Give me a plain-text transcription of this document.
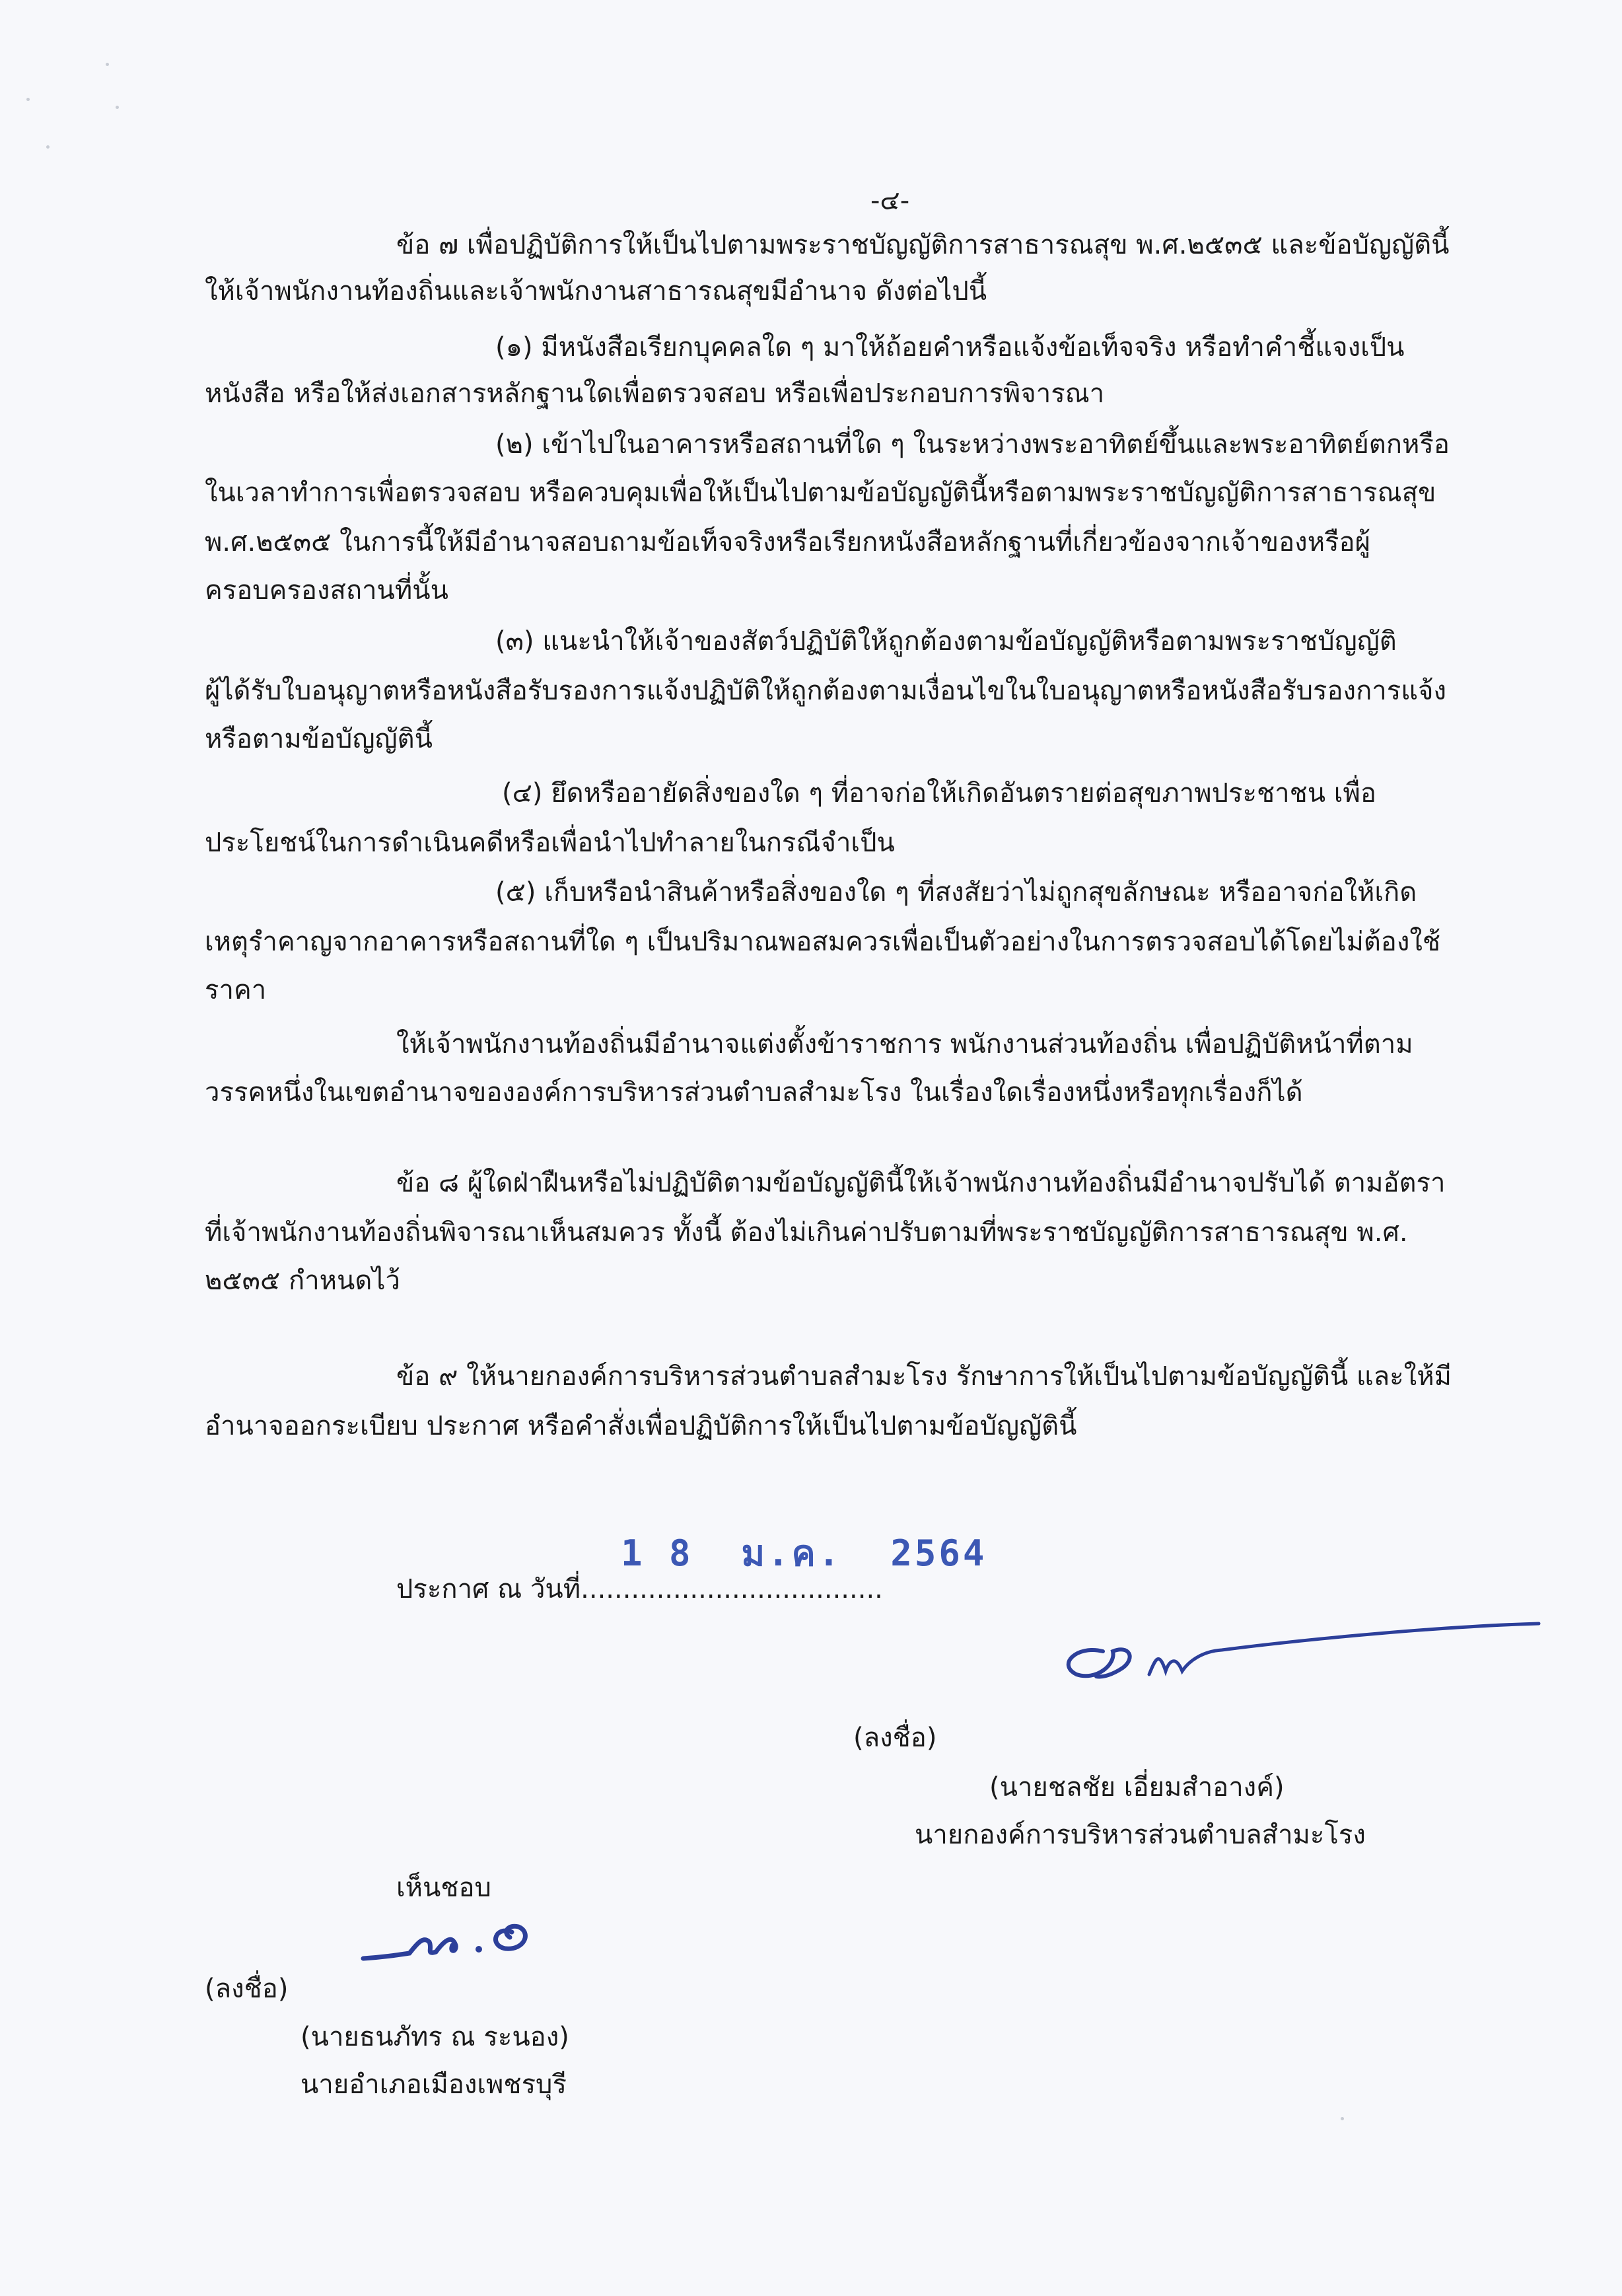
-๔-
ข้อ ๗ เพื่อปฏิบัติการให้เป็นไปตามพระราชบัญญัติการสาธารณสุข พ.ศ.๒๕๓๕ และข้อบัญญัตินี้
ให้เจ้าพนักงานท้องถิ่นและเจ้าพนักงานสาธารณสุขมีอำนาจ ดังต่อไปนี้
(๑) มีหนังสือเรียกบุคคลใด ๆ มาให้ถ้อยคำหรือแจ้งข้อเท็จจริง หรือทำคำชี้แจงเป็น
หนังสือ หรือให้ส่งเอกสารหลักฐานใดเพื่อตรวจสอบ หรือเพื่อประกอบการพิจารณา
(๒) เข้าไปในอาคารหรือสถานที่ใด ๆ ในระหว่างพระอาทิตย์ขึ้นและพระอาทิตย์ตกหรือ
ในเวลาทำการเพื่อตรวจสอบ หรือควบคุมเพื่อให้เป็นไปตามข้อบัญญัตินี้หรือตามพระราชบัญญัติการสาธารณสุข
พ.ศ.๒๕๓๕ ในการนี้ให้มีอำนาจสอบถามข้อเท็จจริงหรือเรียกหนังสือหลักฐานที่เกี่ยวข้องจากเจ้าของหรือผู้
ครอบครองสถานที่นั้น
(๓) แนะนำให้เจ้าของสัตว์ปฏิบัติให้ถูกต้องตามข้อบัญญัติหรือตามพระราชบัญญัติ
ผู้ได้รับใบอนุญาตหรือหนังสือรับรองการแจ้งปฏิบัติให้ถูกต้องตามเงื่อนไขในใบอนุญาตหรือหนังสือรับรองการแจ้ง
หรือตามข้อบัญญัตินี้
(๔) ยึดหรืออายัดสิ่งของใด ๆ ที่อาจก่อให้เกิดอันตรายต่อสุขภาพประชาชน เพื่อ
ประโยชน์ในการดำเนินคดีหรือเพื่อนำไปทำลายในกรณีจำเป็น
(๕) เก็บหรือนำสินค้าหรือสิ่งของใด ๆ ที่สงสัยว่าไม่ถูกสุขลักษณะ หรืออาจก่อให้เกิด
เหตุรำคาญจากอาคารหรือสถานที่ใด ๆ เป็นปริมาณพอสมควรเพื่อเป็นตัวอย่างในการตรวจสอบได้โดยไม่ต้องใช้
ราคา
ให้เจ้าพนักงานท้องถิ่นมีอำนาจแต่งตั้งข้าราชการ พนักงานส่วนท้องถิ่น เพื่อปฏิบัติหน้าที่ตาม
วรรคหนึ่งในเขตอำนาจขององค์การบริหารส่วนตำบลสำมะโรง ในเรื่องใดเรื่องหนึ่งหรือทุกเรื่องก็ได้
ข้อ ๘ ผู้ใดฝ่าฝืนหรือไม่ปฏิบัติตามข้อบัญญัตินี้ให้เจ้าพนักงานท้องถิ่นมีอำนาจปรับได้ ตามอัตรา
ที่เจ้าพนักงานท้องถิ่นพิจารณาเห็นสมควร ทั้งนี้ ต้องไม่เกินค่าปรับตามที่พระราชบัญญัติการสาธารณสุข พ.ศ.
๒๕๓๕ กำหนดไว้
ข้อ ๙ ให้นายกองค์การบริหารส่วนตำบลสำมะโรง รักษาการให้เป็นไปตามข้อบัญญัตินี้ และให้มี
อำนาจออกระเบียบ ประกาศ หรือคำสั่งเพื่อปฏิบัติการให้เป็นไปตามข้อบัญญัตินี้
ประกาศ ณ วันที่....................................
1 8  ม.ค.  2564
(ลงชื่อ)
(นายชลชัย เอี่ยมสำอางค์)
นายกองค์การบริหารส่วนตำบลสำมะโรง
เห็นชอบ
(ลงชื่อ)
(นายธนภัทร ณ ระนอง)
นายอำเภอเมืองเพชรบุรี
